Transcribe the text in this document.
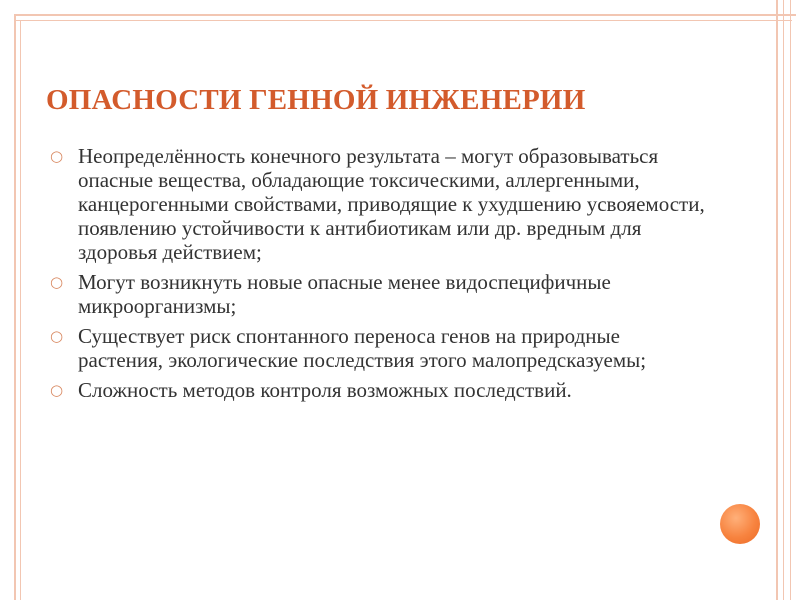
ОПАСНОСТИ ГЕННОЙ ИНЖЕНЕРИИ
○ Неопределённость конечного результата – могут образовываться опасные вещества, обладающие токсическими, аллергенными, канцерогенными свойствами, приводящие к ухудшению усвояемости, появлению устойчивости к антибиотикам или др. вредным для здоровья действием;
○ Могут возникнуть новые опасные менее видоспецифичные микроорганизмы;
○ Существует риск спонтанного переноса генов на природные растения, экологические последствия этого малопредсказуемы;
○ Сложность методов контроля возможных последствий.
